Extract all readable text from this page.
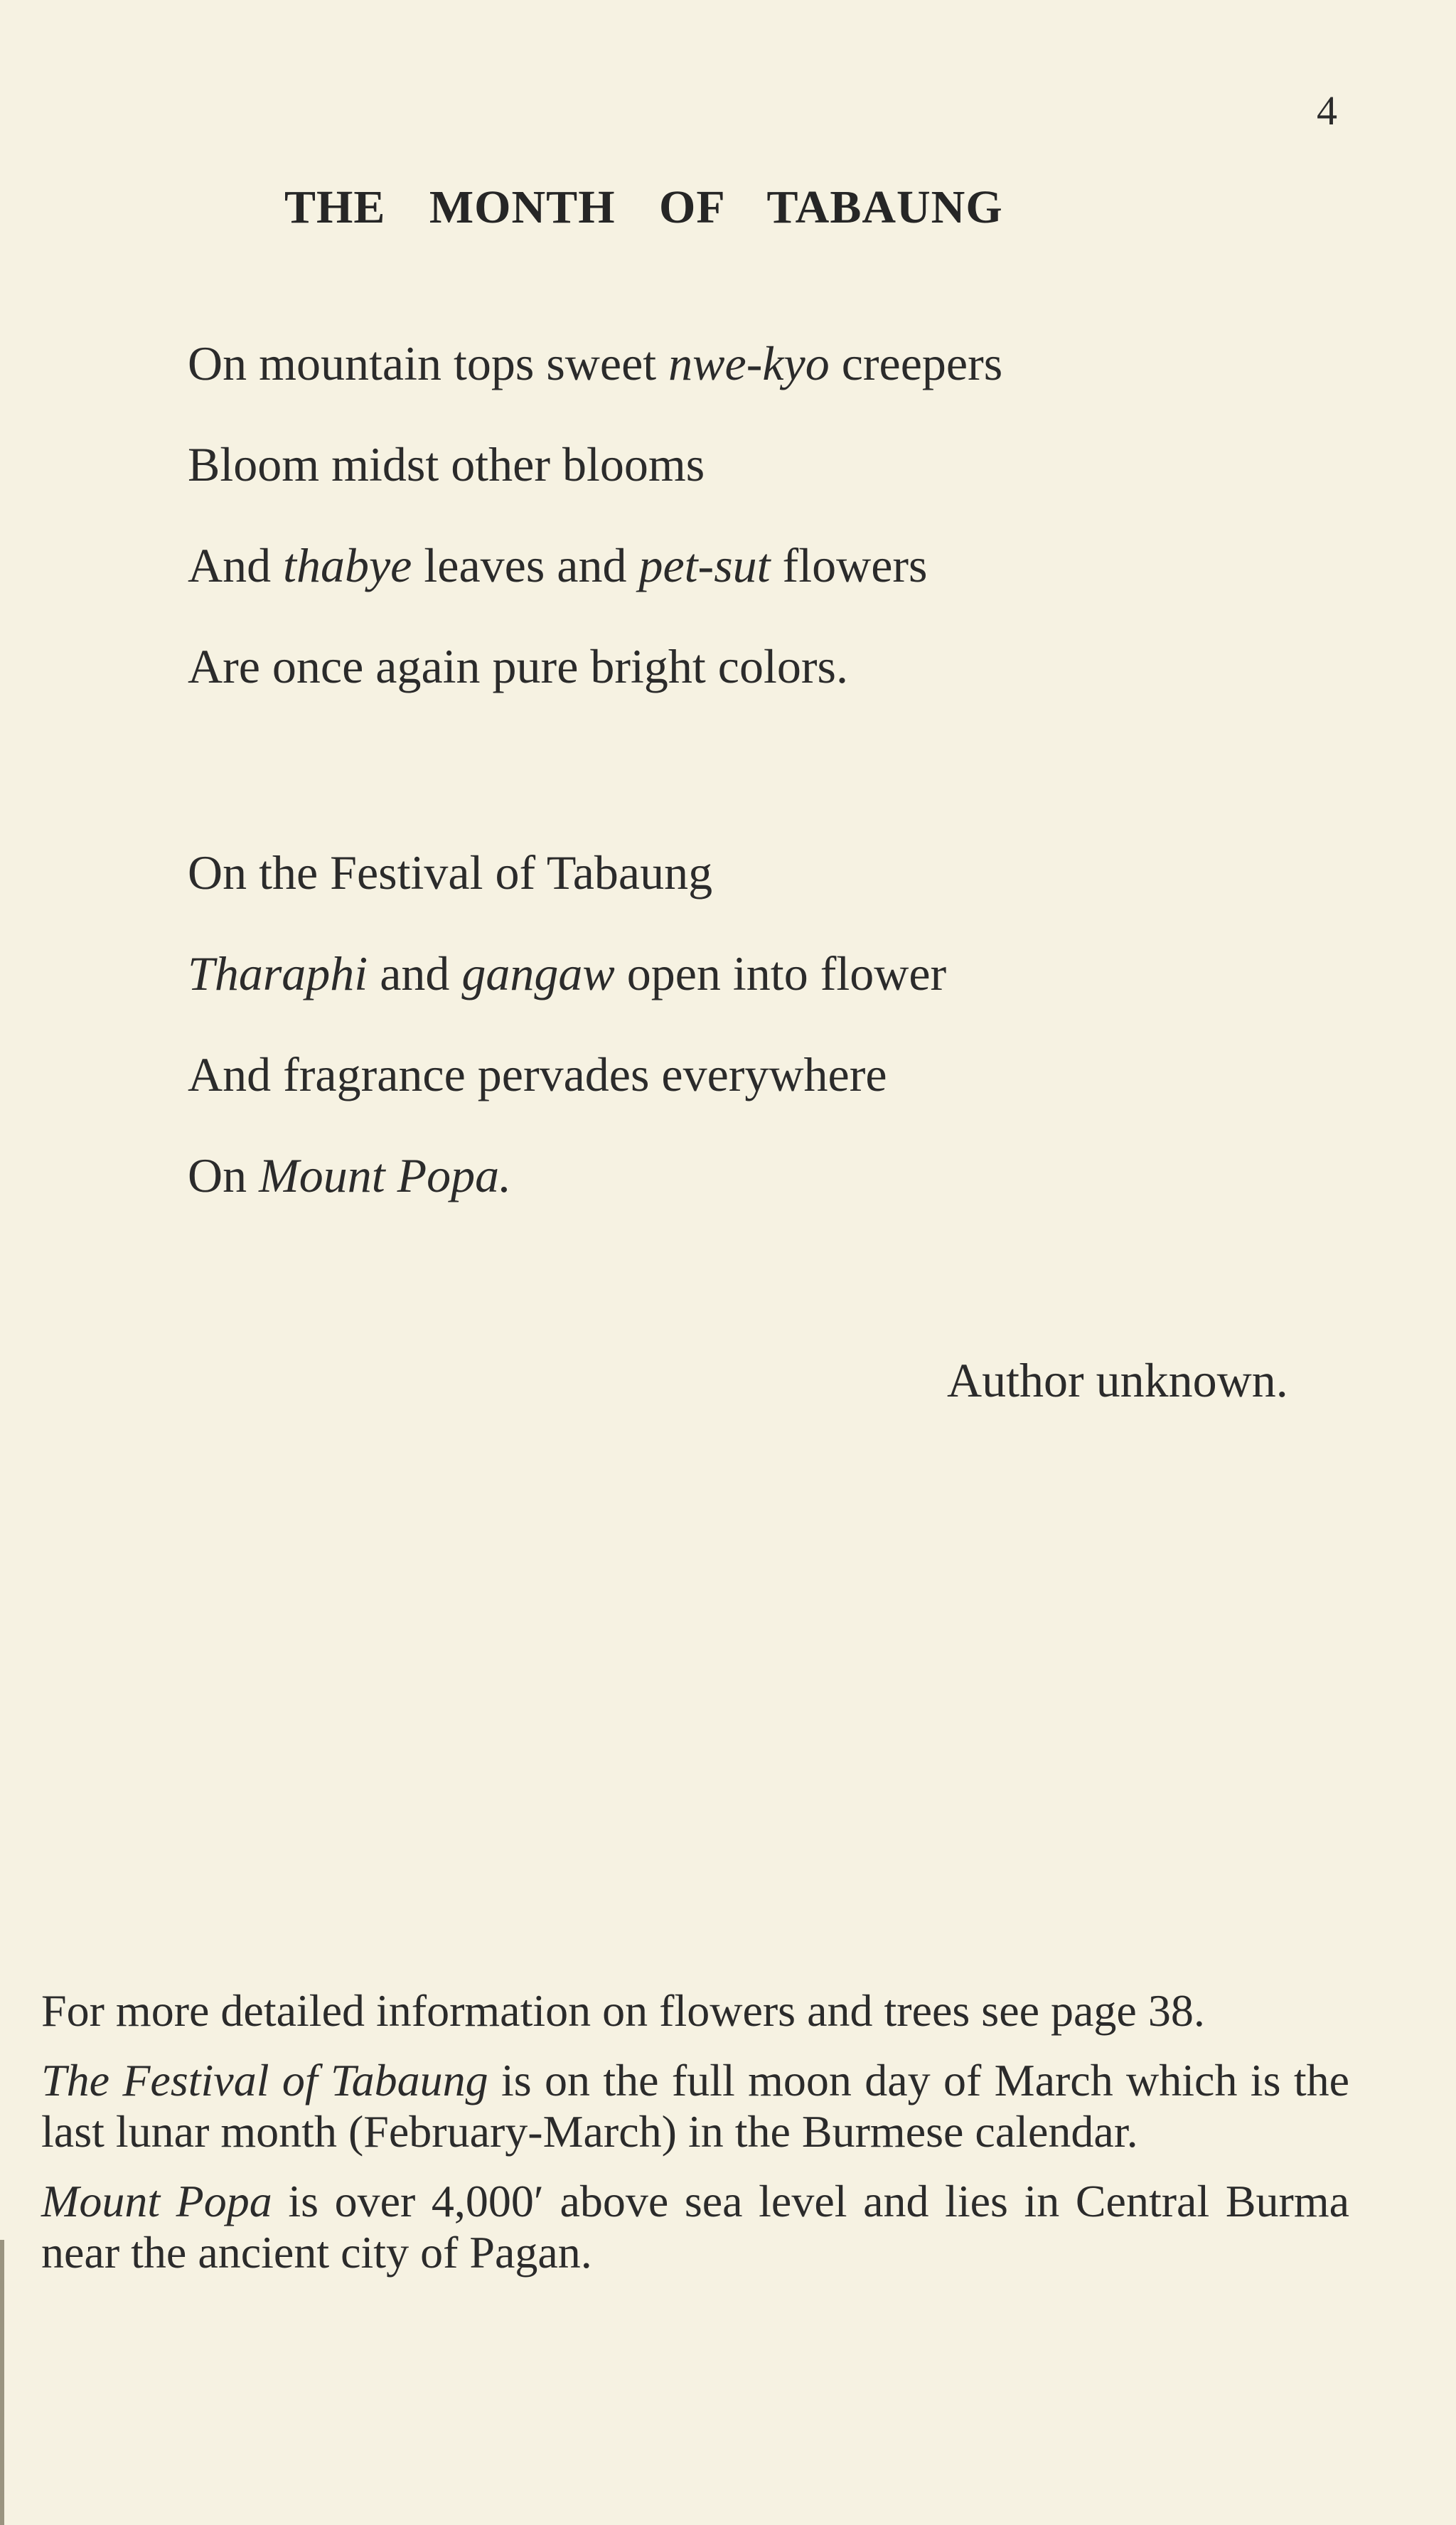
4
THE MONTH OF TABAUNG
On mountain tops sweet nwe-kyo creepers
Bloom midst other blooms
And thabye leaves and pet-sut flowers
Are once again pure bright colors.
On the Festival of Tabaung
Tharaphi and gangaw open into flower
And fragrance pervades everywhere
On Mount Popa.
Author unknown.

For more detailed information on flowers and trees see page 38.

The Festival of Tabaung is on the full moon day of March which is the last lunar month (February-March) in the Burmese calendar.

Mount Popa is over 4,000′ above sea level and lies in Central Burma near the ancient city of Pagan.
